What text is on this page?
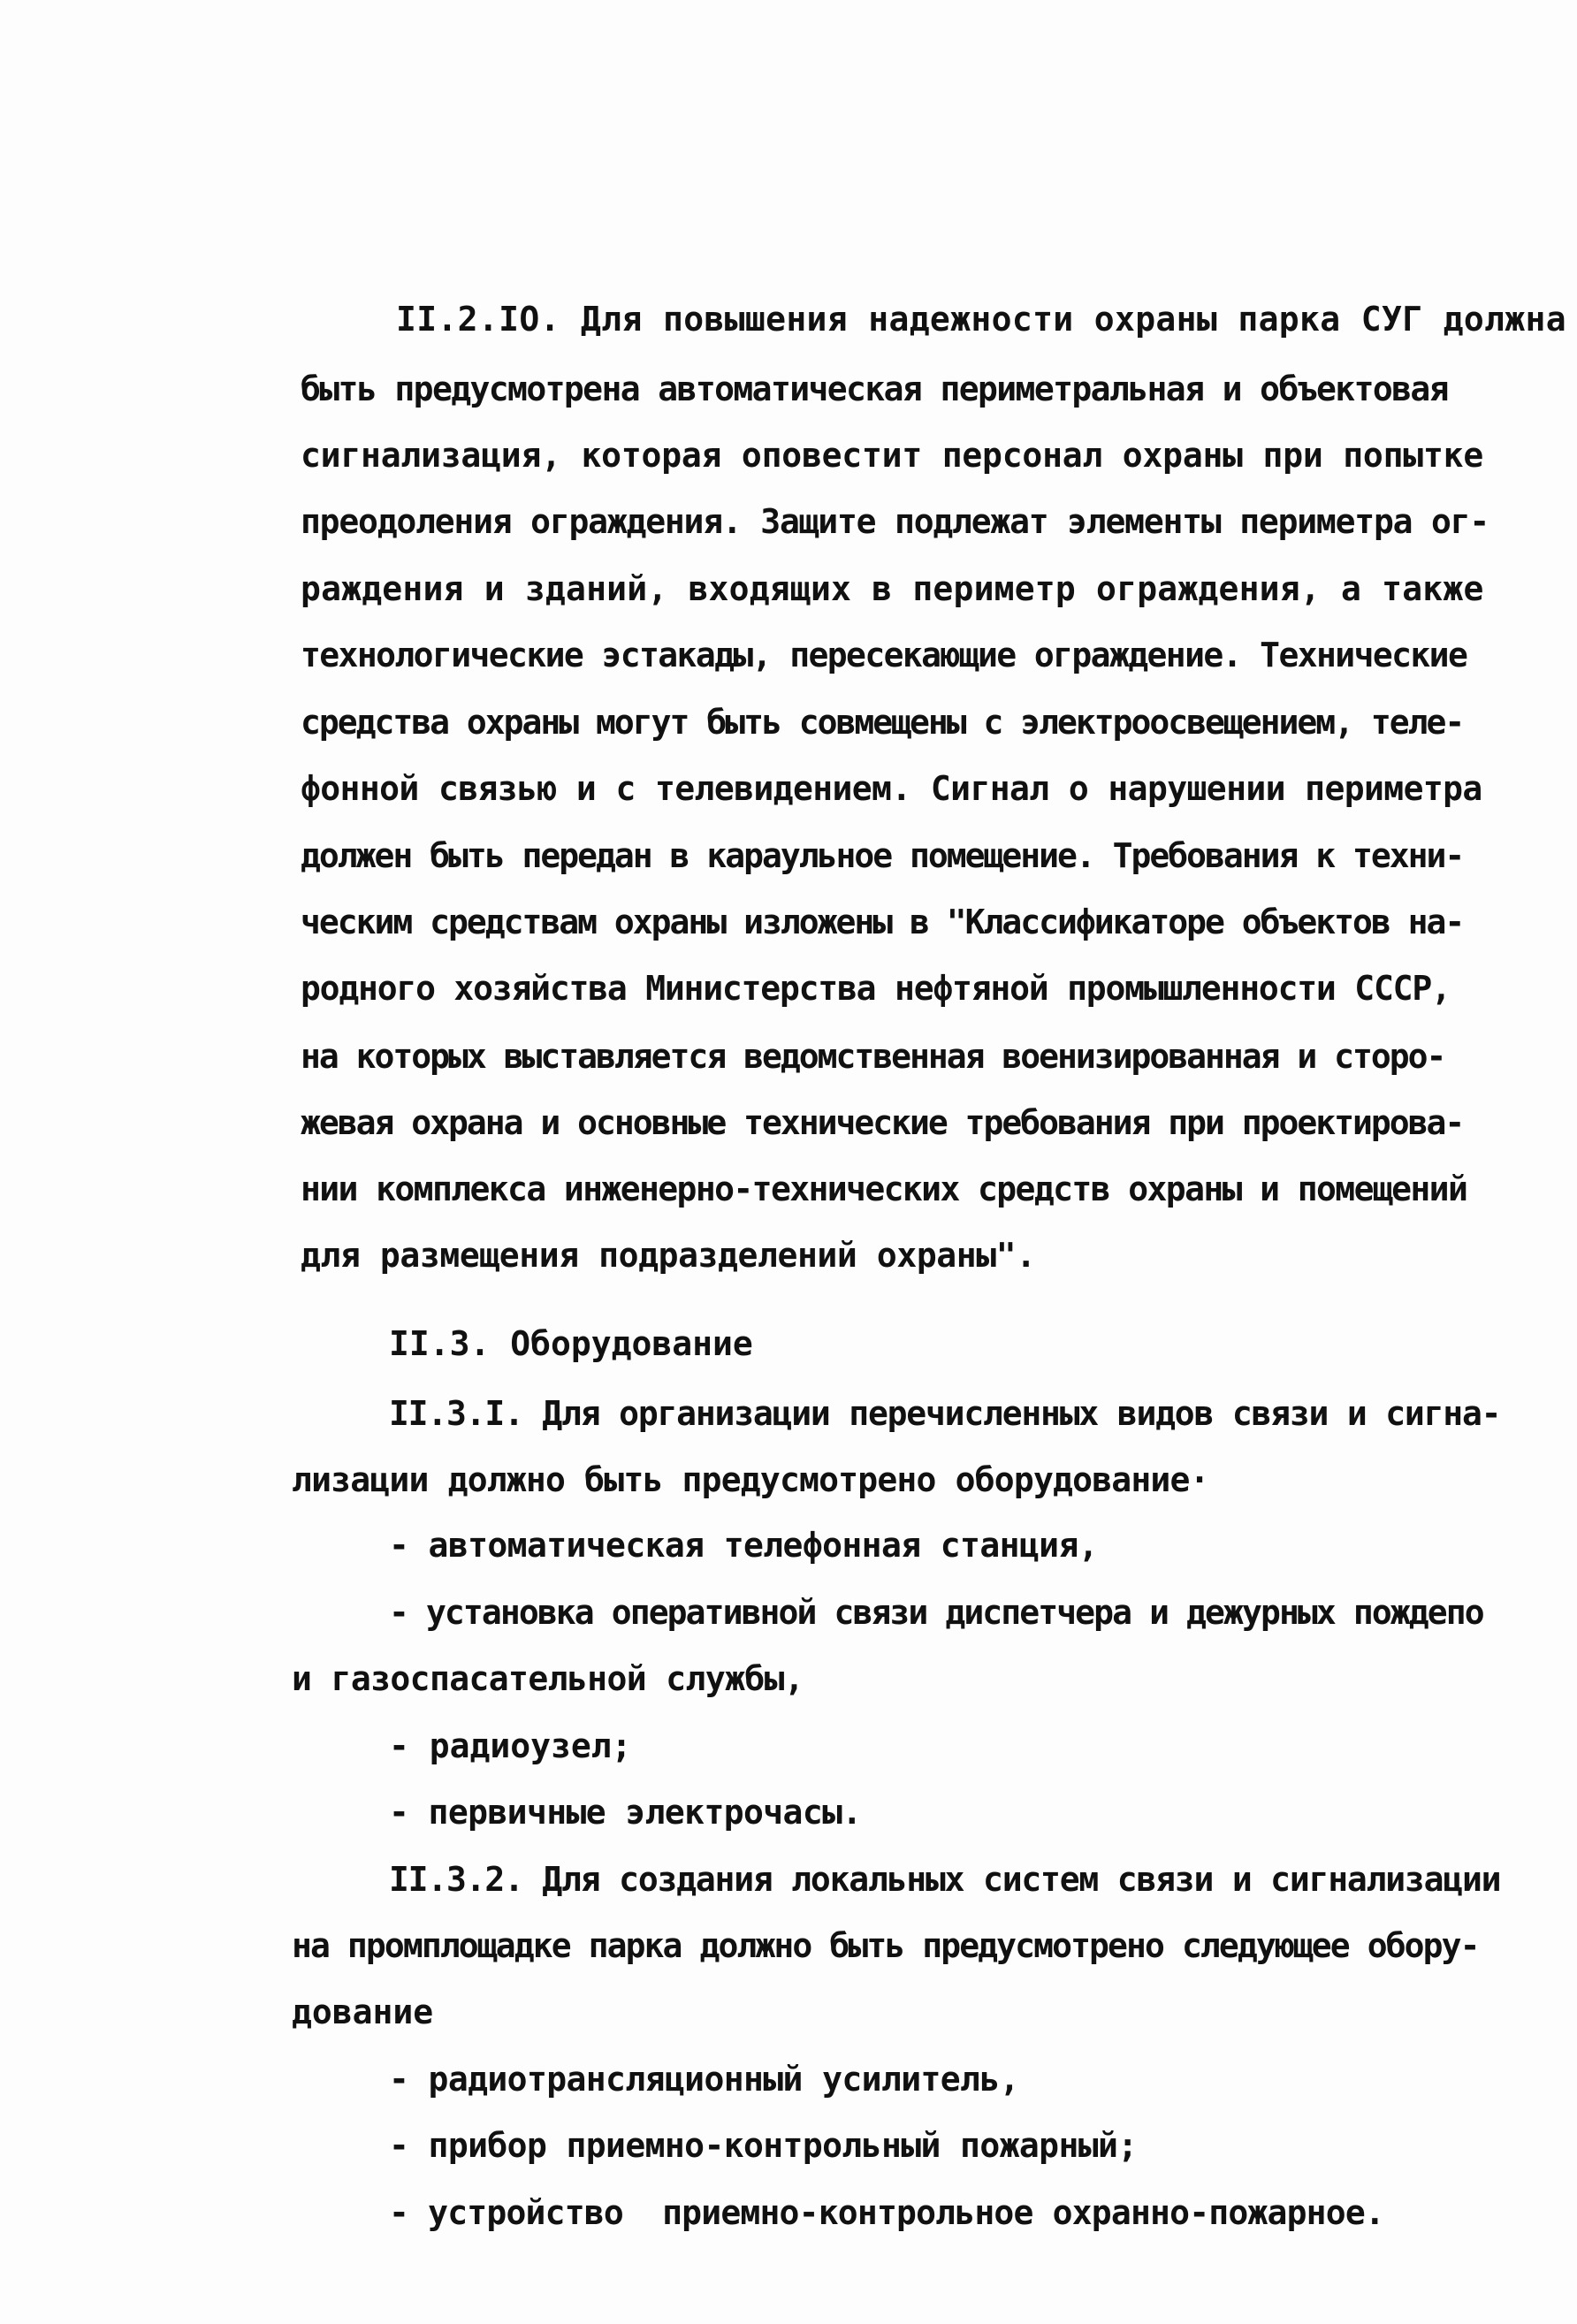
II.2.IO. Для повышения надежности охраны парка СУГ должна
быть предусмотрена автоматическая периметральная и объектовая
сигнализация, которая оповестит персонал охраны при попытке
преодоления ограждения. Защите подлежат элементы периметра ог-
раждения и зданий, входящих в периметр ограждения, а также
технологические эстакады, пересекающие ограждение. Технические
средства охраны могут быть совмещены с электроосвещением, теле-
фонной связью и с телевидением. Сигнал о нарушении периметра
должен быть передан в караульное помещение. Требования к техни-
ческим средствам охраны изложены в "Классификаторе объектов на-
родного хозяйства Министерства нефтяной промышленности СССР,
на которых выставляется ведомственная военизированная и сторо-
жевая охрана и основные технические требования при проектирова-
нии комплекса инженерно-технических средств охраны и помещений
для размещения подразделений охраны".
II.3. Оборудование
II.3.I. Для организации перечисленных видов связи и сигна-
лизации должно быть предусмотрено оборудование·
- автоматическая телефонная станция,
- установка оперативной связи диспетчера и дежурных пождепо
и газоспасательной службы,
- радиоузел;
- первичные электрочасы.
II.3.2. Для создания локальных систем связи и сигнализации
на промплощадке парка должно быть предусмотрено следующее обору-
дование
- радиотрансляционный усилитель,
- прибор приемно-контрольный пожарный;
- устройство  приемно-контрольное охранно-пожарное.
